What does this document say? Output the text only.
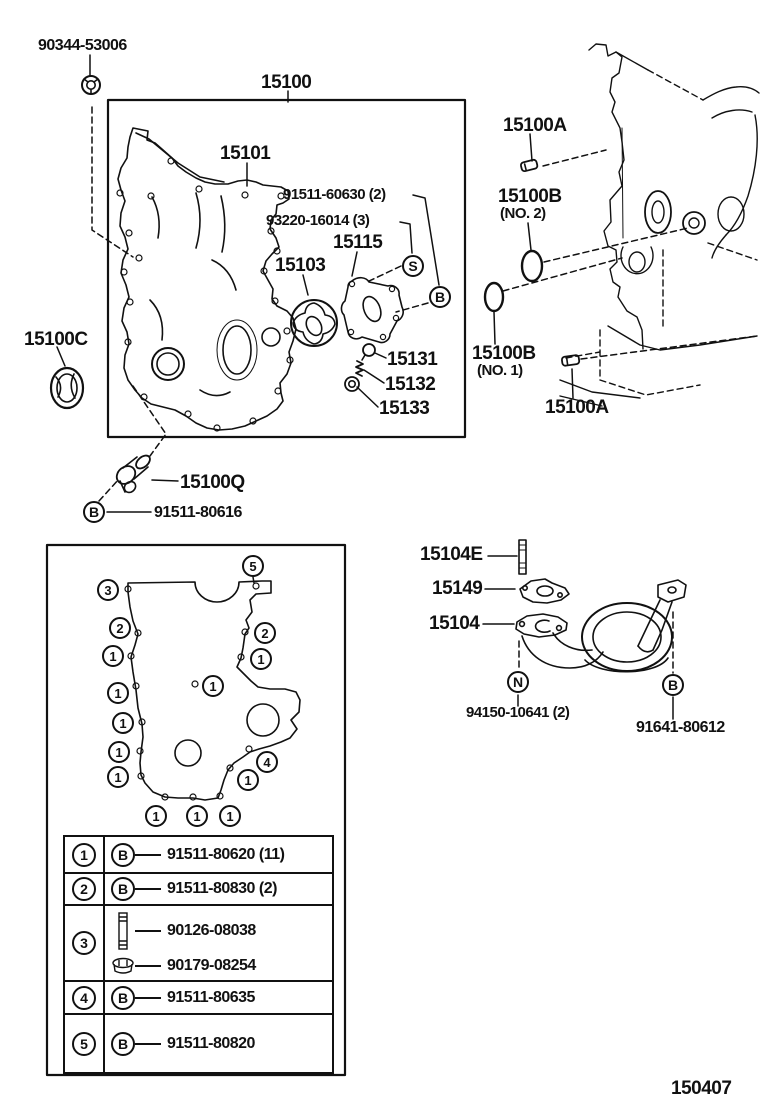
90344-53006
15100
15101
91511-60630 (2)
93220-16014 (3)
15115
15103
15131
15132
15133
15100C
15100Q
91511-80616
15100A
15100B
(NO. 2)
15100B
(NO. 1)
15100A
15104E
15149
15104
94150-10641 (2)
91641-80612
S
B
B
N	B
5
3
2
1
2
1
1
1
1
1
1
4
1
1	1	1
1	B	91511-80620 (11)
2	B	91511-80830 (2)
3
90126-08038
90179-08254
4	B	91511-80635
5	B	91511-80820
150407
